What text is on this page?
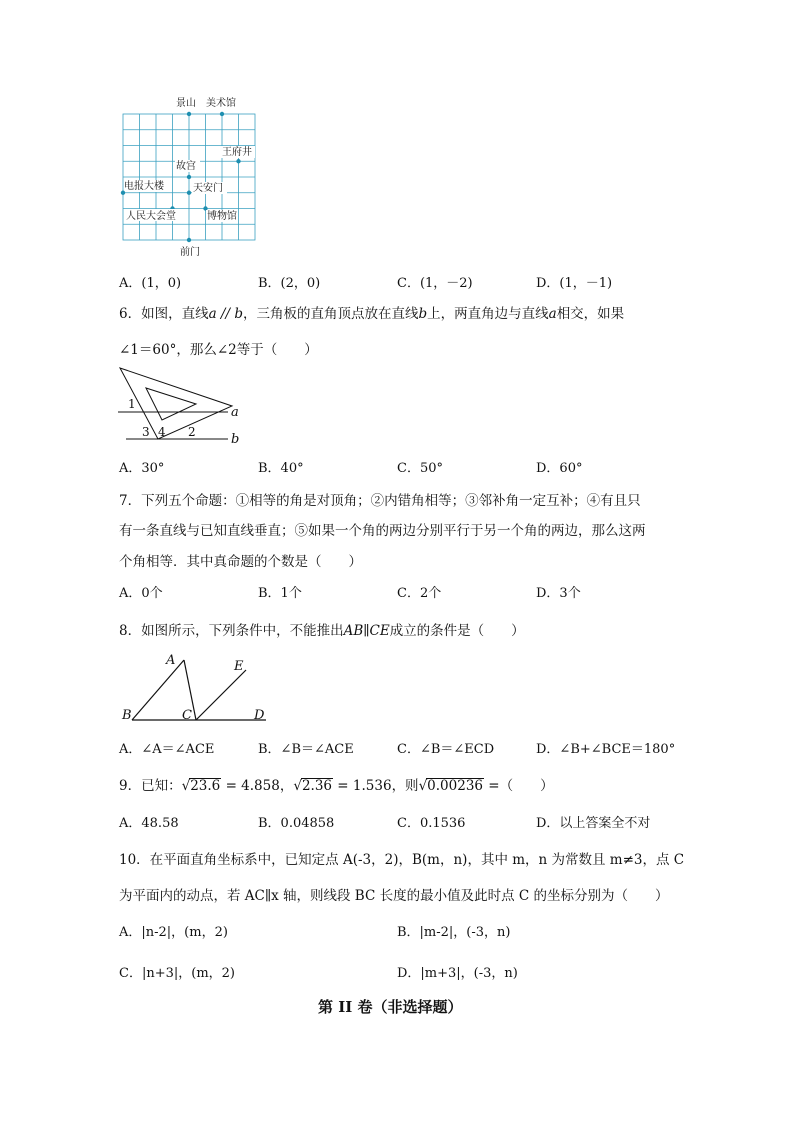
景山 美术馆
王府井
故宫
电报大楼	天安门
人民大会堂	博物馆
前门
A．(1，0)	B．(2，0)	C．(1，－2)	D．(1，－1)
6．如图，直线a // b，三角板的直角顶点放在直线b上，两直角边与直线a相交，如果
∠1＝60°，那么∠2等于（　　）
1
3 4 2
a
b
A．30°	B．40°	C．50°	D．60°
7．下列五个命题：①相等的角是对顶角；②内错角相等；③邻补角一定互补；④有且只
有一条直线与已知直线垂直；⑤如果一个角的两边分别平行于另一个角的两边，那么这两
个角相等．其中真命题的个数是（　　）
A．0个	B．1个	C．2个	D．3个
8．如图所示，下列条件中，不能推出AB∥CE成立的条件是（　　）
A
B	C	D
E
A．∠A＝∠ACE	B．∠B＝∠ACE	C．∠B＝∠ECD	D．∠B+∠BCE＝180°
9．已知：√23.6 = 4.858，√2.36 = 1.536，则√0.00236 =（　　）
A．48.58	B．0.04858	C．0.1536	D．以上答案全不对
10．在平面直角坐标系中，已知定点 A(-3，2)，B(m，n)，其中 m，n 为常数且 m≠3，点 C
为平面内的动点，若 AC∥x 轴，则线段 BC 长度的最小值及此时点 C 的坐标分别为（　　）
A．|n-2|，(m，2)	B．|m-2|，(-3，n)
C．|n+3|，(m，2)	D．|m+3|，(-3，n)
第 II 卷（非选择题）
